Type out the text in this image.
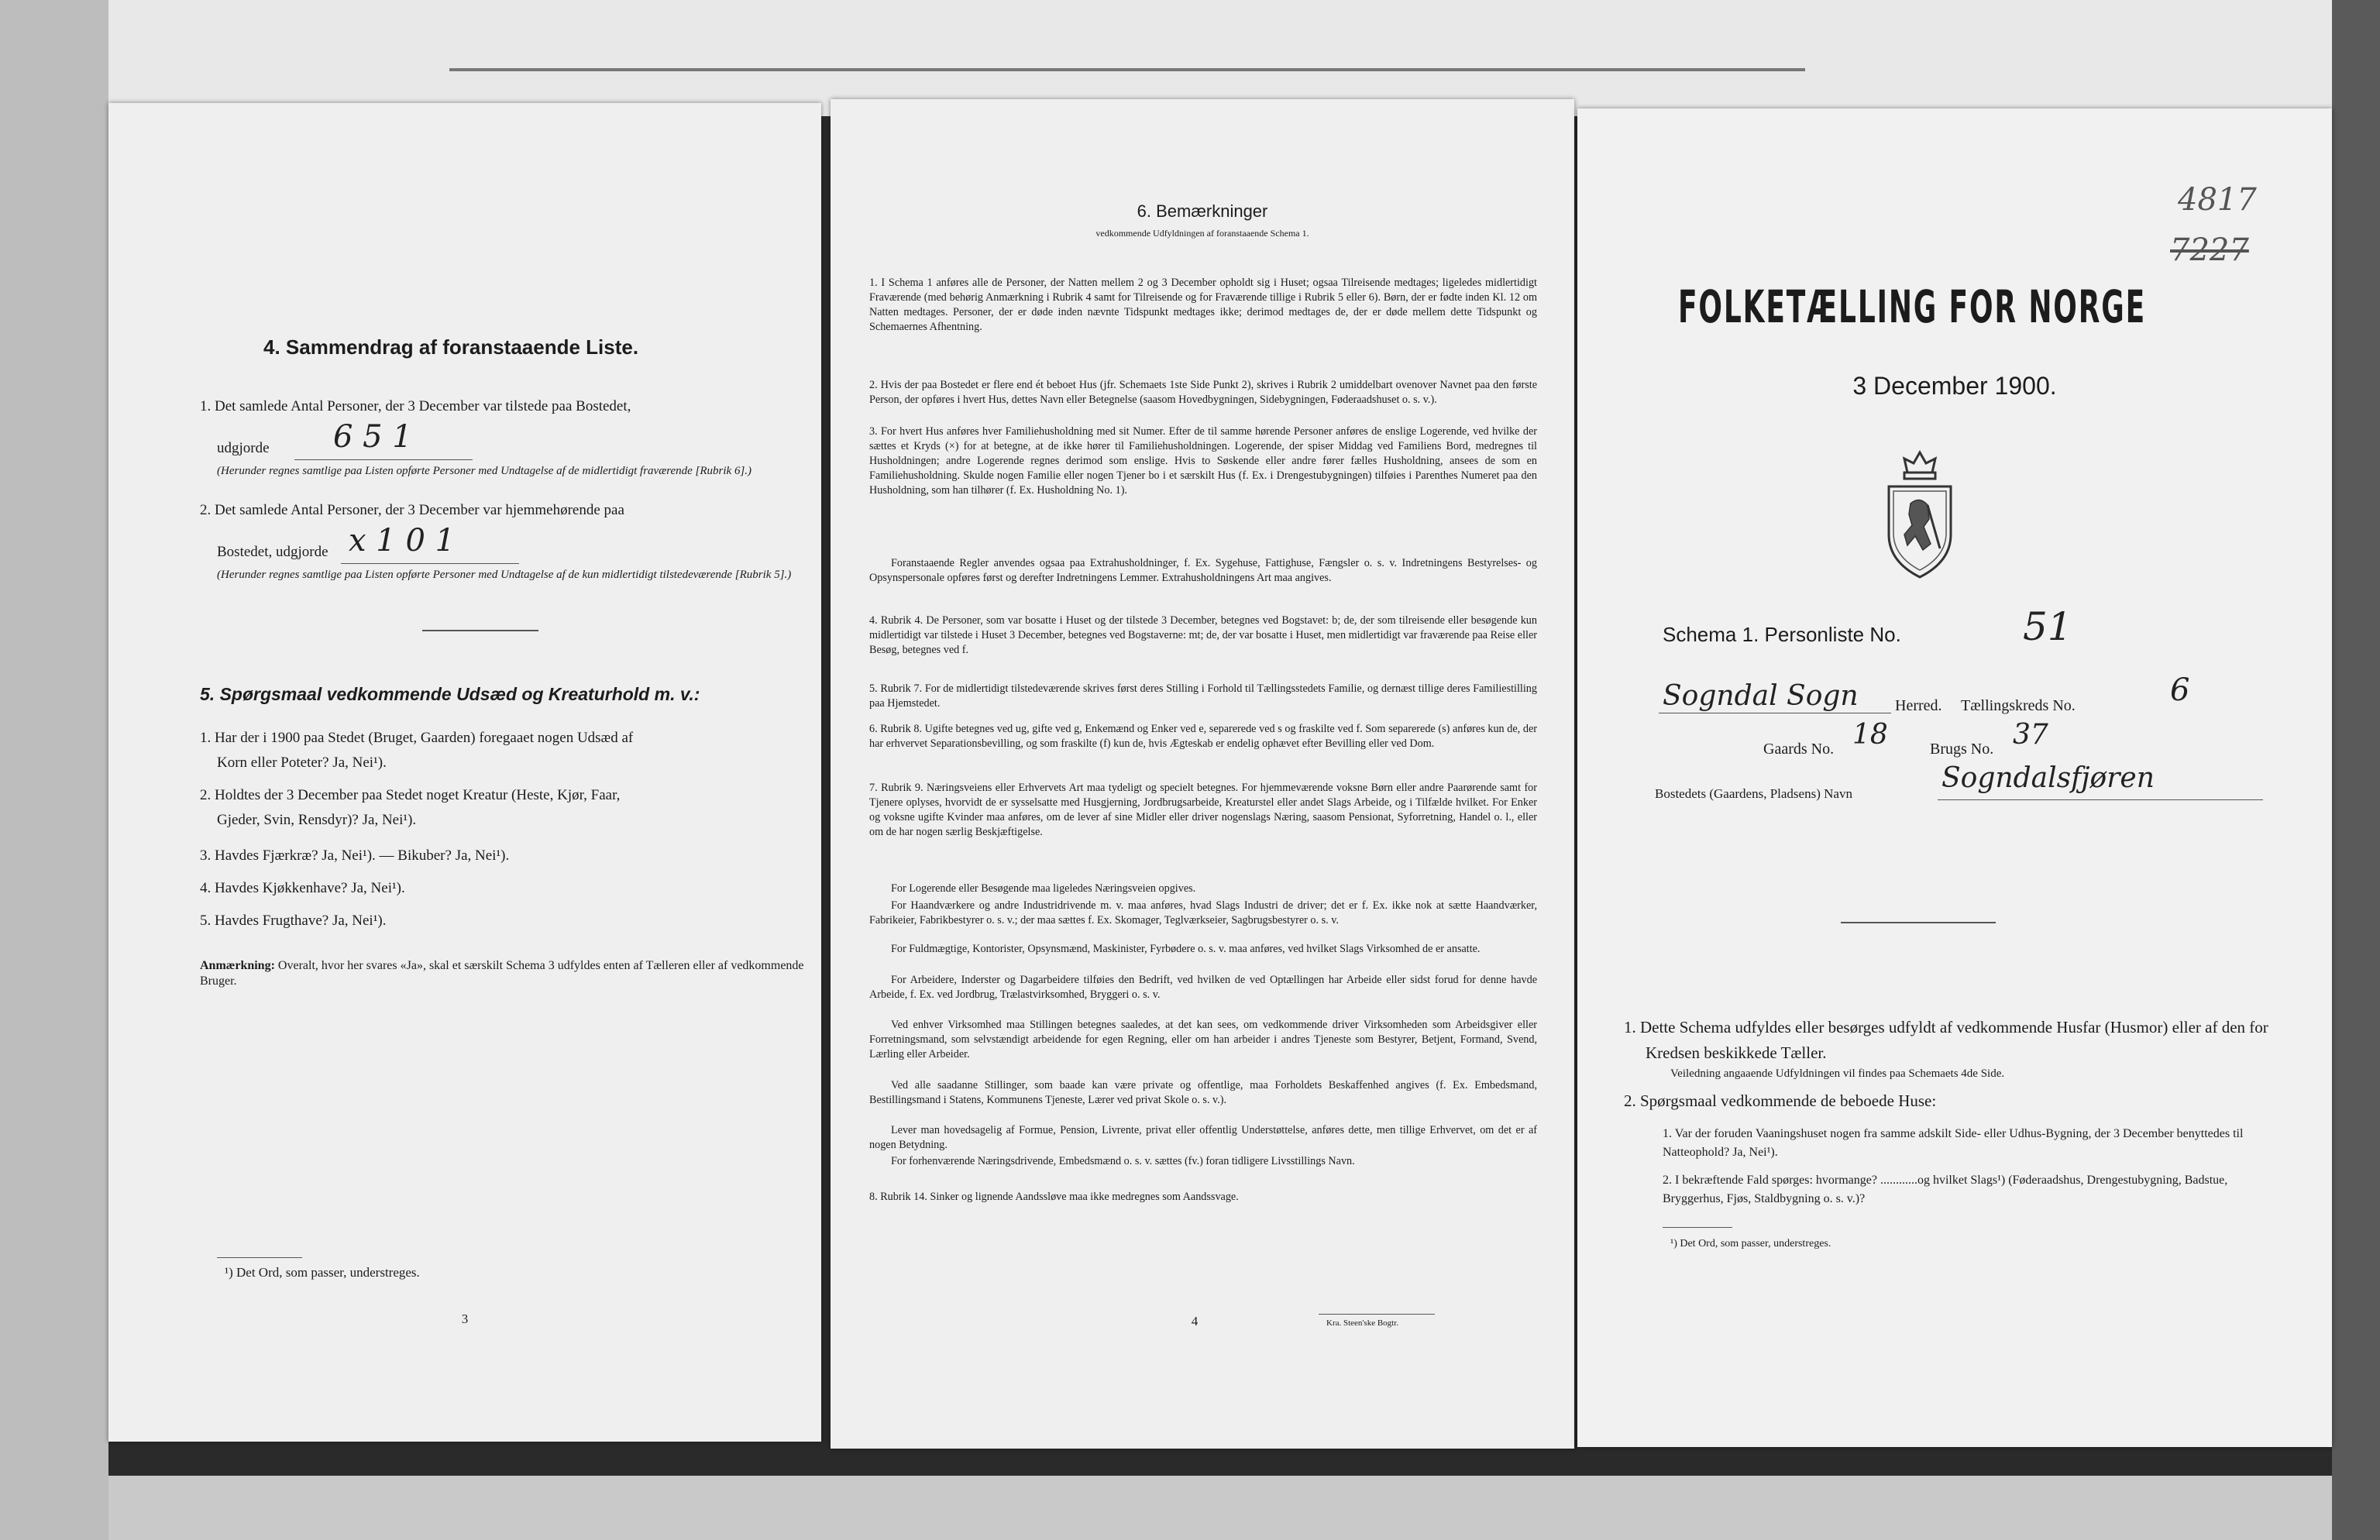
4. Sammendrag af foranstaaende Liste.
1. Det samlede Antal Personer, der 3 December var tilstede paa Bostedet,
udgjorde 6 5 1
(Herunder regnes samtlige paa Listen opførte Personer med Undtagelse af de midlertidigt fraværende [Rubrik 6].)
2. Det samlede Antal Personer, der 3 December var hjemmehørende paa
Bostedet, udgjorde x 1 0 1
(Herunder regnes samtlige paa Listen opførte Personer med Undtagelse af de kun midlertidigt tilstedeværende [Rubrik 5].)
5. Spørgsmaal vedkommende Udsæd og Kreaturhold m. v.:
1. Har der i 1900 paa Stedet (Bruget, Gaarden) foregaaet nogen Udsæd af
Korn eller Poteter? Ja, Nei¹).
2. Holdtes der 3 December paa Stedet noget Kreatur (Heste, Kjør, Faar,
Gjeder, Svin, Rensdyr)? Ja, Nei¹).
3. Havdes Fjærkræ? Ja, Nei¹). — Bikuber? Ja, Nei¹).
4. Havdes Kjøkkenhave? Ja, Nei¹).
5. Havdes Frugthave? Ja, Nei¹).
Anmærkning: Overalt, hvor her svares «Ja», skal et særskilt Schema 3 udfyldes enten af Tælleren eller af vedkommende Bruger.
¹) Det Ord, som passer, understreges.
3
6. Bemærkninger
vedkommende Udfyldningen af foranstaaende Schema 1.
1. I Schema 1 anføres alle de Personer, der Natten mellem 2 og 3 December opholdt sig i Huset; ogsaa Tilreisende medtages; ligeledes midlertidigt Fraværende (med behørig Anmærkning i Rubrik 4 samt for Tilreisende og for Fraværende tillige i Rubrik 5 eller 6). Børn, der er fødte inden Kl. 12 om Natten medtages. Personer, der er døde inden nævnte Tidspunkt medtages ikke; derimod medtages de, der er døde mellem dette Tidspunkt og Schemaernes Afhentning.
2. Hvis der paa Bostedet er flere end ét beboet Hus (jfr. Schemaets 1ste Side Punkt 2), skrives i Rubrik 2 umiddelbart ovenover Navnet paa den første Person, der opføres i hvert Hus, dettes Navn eller Betegnelse (saasom Hovedbygningen, Sidebygningen, Føderaadshuset o. s. v.).
3. For hvert Hus anføres hver Familiehusholdning med sit Numer. Efter de til samme hørende Personer anføres de enslige Logerende, ved hvilke der sættes et Kryds (×) for at betegne, at de ikke hører til Familiehusholdningen. Logerende, der spiser Middag ved Familiens Bord, medregnes til Husholdningen; andre Logerende regnes derimod som enslige. Hvis to Søskende eller andre fører fælles Husholdning, ansees de som en Familiehusholdning. Skulde nogen Familie eller nogen Tjener bo i et særskilt Hus (f. Ex. i Drengestubygningen) tilføies i Parenthes Numeret paa den Husholdning, som han tilhører (f. Ex. Husholdning No. 1).
Foranstaaende Regler anvendes ogsaa paa Extrahusholdninger, f. Ex. Sygehuse, Fattighuse, Fængsler o. s. v. Indretningens Bestyrelses- og Opsynspersonale opføres først og derefter Indretningens Lemmer. Extrahusholdningens Art maa angives.
4. Rubrik 4. De Personer, som var bosatte i Huset og der tilstede 3 December, betegnes ved Bogstavet: b; de, der som tilreisende eller besøgende kun midlertidigt var tilstede i Huset 3 December, betegnes ved Bogstaverne: mt; de, der var bosatte i Huset, men midlertidigt var fraværende paa Reise eller Besøg, betegnes ved f.
5. Rubrik 7. For de midlertidigt tilstedeværende skrives først deres Stilling i Forhold til Tællingsstedets Familie, og dernæst tillige deres Familiestilling paa Hjemstedet.
6. Rubrik 8. Ugifte betegnes ved ug, gifte ved g, Enkemænd og Enker ved e, separerede ved s og fraskilte ved f. Som separerede (s) anføres kun de, der har erhvervet Separationsbevilling, og som fraskilte (f) kun de, hvis Ægteskab er endelig ophævet efter Bevilling eller ved Dom.
7. Rubrik 9. Næringsveiens eller Erhvervets Art maa tydeligt og specielt betegnes. For hjemmeværende voksne Børn eller andre Paarørende samt for Tjenere oplyses, hvorvidt de er sysselsatte med Husgjerning, Jordbrugsarbeide, Kreaturstel eller andet Slags Arbeide, og i Tilfælde hvilket. For Enker og voksne ugifte Kvinder maa anføres, om de lever af sine Midler eller driver nogenslags Næring, saasom Pensionat, Syforretning, Handel o. l., eller om de har nogen særlig Beskjæftigelse.
For Logerende eller Besøgende maa ligeledes Næringsveien opgives.
For Haandværkere og andre Industridrivende m. v. maa anføres, hvad Slags Industri de driver; det er f. Ex. ikke nok at sætte Haandværker, Fabrikeier, Fabrikbestyrer o. s. v.; der maa sættes f. Ex. Skomager, Teglværkseier, Sagbrugsbestyrer o. s. v.
For Fuldmægtige, Kontorister, Opsynsmænd, Maskinister, Fyrbødere o. s. v. maa anføres, ved hvilket Slags Virksomhed de er ansatte.
For Arbeidere, Inderster og Dagarbeidere tilføies den Bedrift, ved hvilken de ved Optællingen har Arbeide eller sidst forud for denne havde Arbeide, f. Ex. ved Jordbrug, Trælastvirksomhed, Bryggeri o. s. v.
Ved enhver Virksomhed maa Stillingen betegnes saaledes, at det kan sees, om vedkommende driver Virksomheden som Arbeidsgiver eller Forretningsmand, som selvstændigt arbeidende for egen Regning, eller om han arbeider i andres Tjeneste som Bestyrer, Betjent, Formand, Svend, Lærling eller Arbeider.
Ved alle saadanne Stillinger, som baade kan være private og offentlige, maa Forholdets Beskaffenhed angives (f. Ex. Embedsmand, Bestillingsmand i Statens, Kommunens Tjeneste, Lærer ved privat Skole o. s. v.).
Lever man hovedsagelig af Formue, Pension, Livrente, privat eller offentlig Understøttelse, anføres dette, men tillige Erhvervet, om det er af nogen Betydning.
For forhenværende Næringsdrivende, Embedsmænd o. s. v. sættes (fv.) foran tidligere Livsstillings Navn.
8. Rubrik 14. Sinker og lignende Aandssløve maa ikke medregnes som Aandssvage.
4	Kra. Steen'ske Bogtr.
4817
7227
FOLKETÆLLING FOR NORGE
3 December 1900.
Schema 1. Personliste No.	51
Sogndal Sogn Herred. Tællingskreds No.	6
Gaards No. 18	Brugs No. 37
Bostedets (Gaardens, Pladsens) Navn	Sogndalsfjøren
1. Dette Schema udfyldes eller besørges udfyldt af vedkommende Husfar (Husmor) eller af den for Kredsen beskikkede Tæller.
Veiledning angaaende Udfyldningen vil findes paa Schemaets 4de Side.
2. Spørgsmaal vedkommende de beboede Huse:
1. Var der foruden Vaaningshuset nogen fra samme adskilt Side- eller Udhus-Bygning, der 3 December benyttedes til Natteophold? Ja, Nei¹).
2. I bekræftende Fald spørges: hvormange? ............og hvilket Slags¹) (Føderaadshus, Drengestubygning, Badstue, Bryggerhus, Fjøs, Staldbygning o. s. v.)?
¹) Det Ord, som passer, understreges.
